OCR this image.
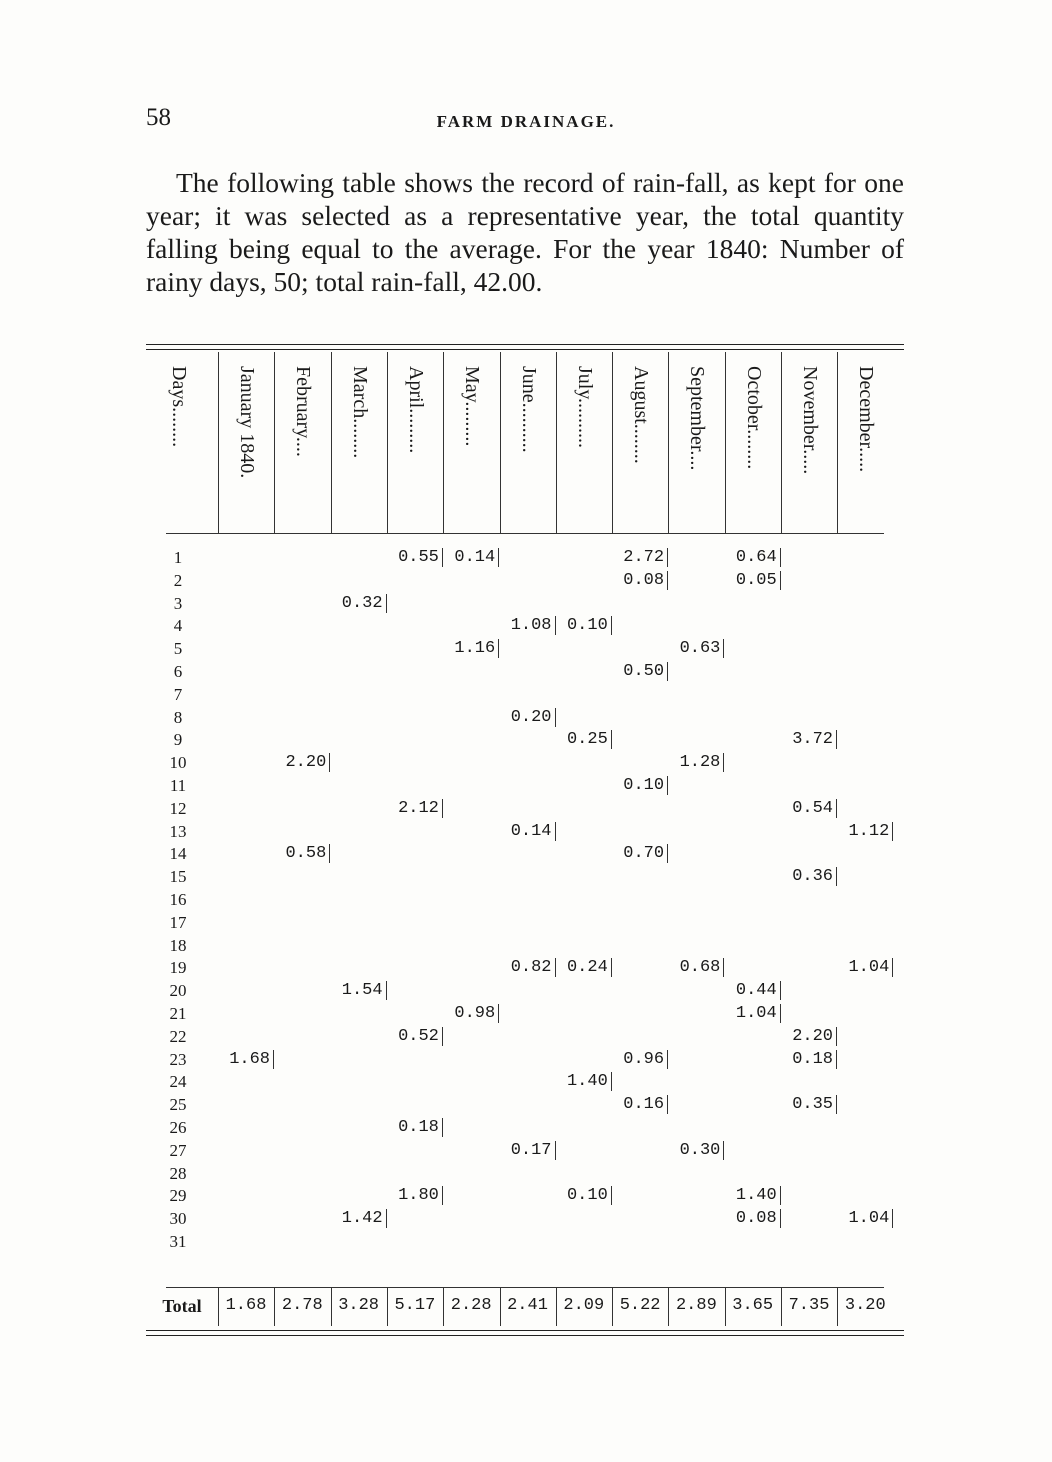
58	FARM DRAINAGE.

The following table shows the record of rain-fall, as kept for one year; it was selected as a representative year, the total quantity falling being equal to the average. For the year 1840: Number of rainy days, 50; total rain-fall, 42.00.

Days........ January 1840. February.... March........ April......... May......... June.......... July.......... August........ September.... October........ November..... December.....
1
2
3
4
5
6
7
8
9
10
11
12
13
14
15
16
17
18
19
20
21
22
23
24
25
26
27
28
29
30
31
1.68
2.20
0.58
0.32
1.54
1.42
0.55
2.12
0.52
0.18
1.80
0.14
1.16
0.98
1.08
0.20
0.14
0.82
0.17
0.10
0.25
0.24
1.40
0.10
2.72
0.08
0.50
0.10
0.70
0.96
0.16
0.63
1.28
0.68
0.30
0.64
0.05
0.44
1.04
1.40
0.08
3.72
0.54
0.36
2.20
0.18
0.35
1.12
1.04
1.04
Total	1.68 2.78 3.28 5.17 2.28 2.41 2.09 5.22 2.89 3.65 7.35 3.20
